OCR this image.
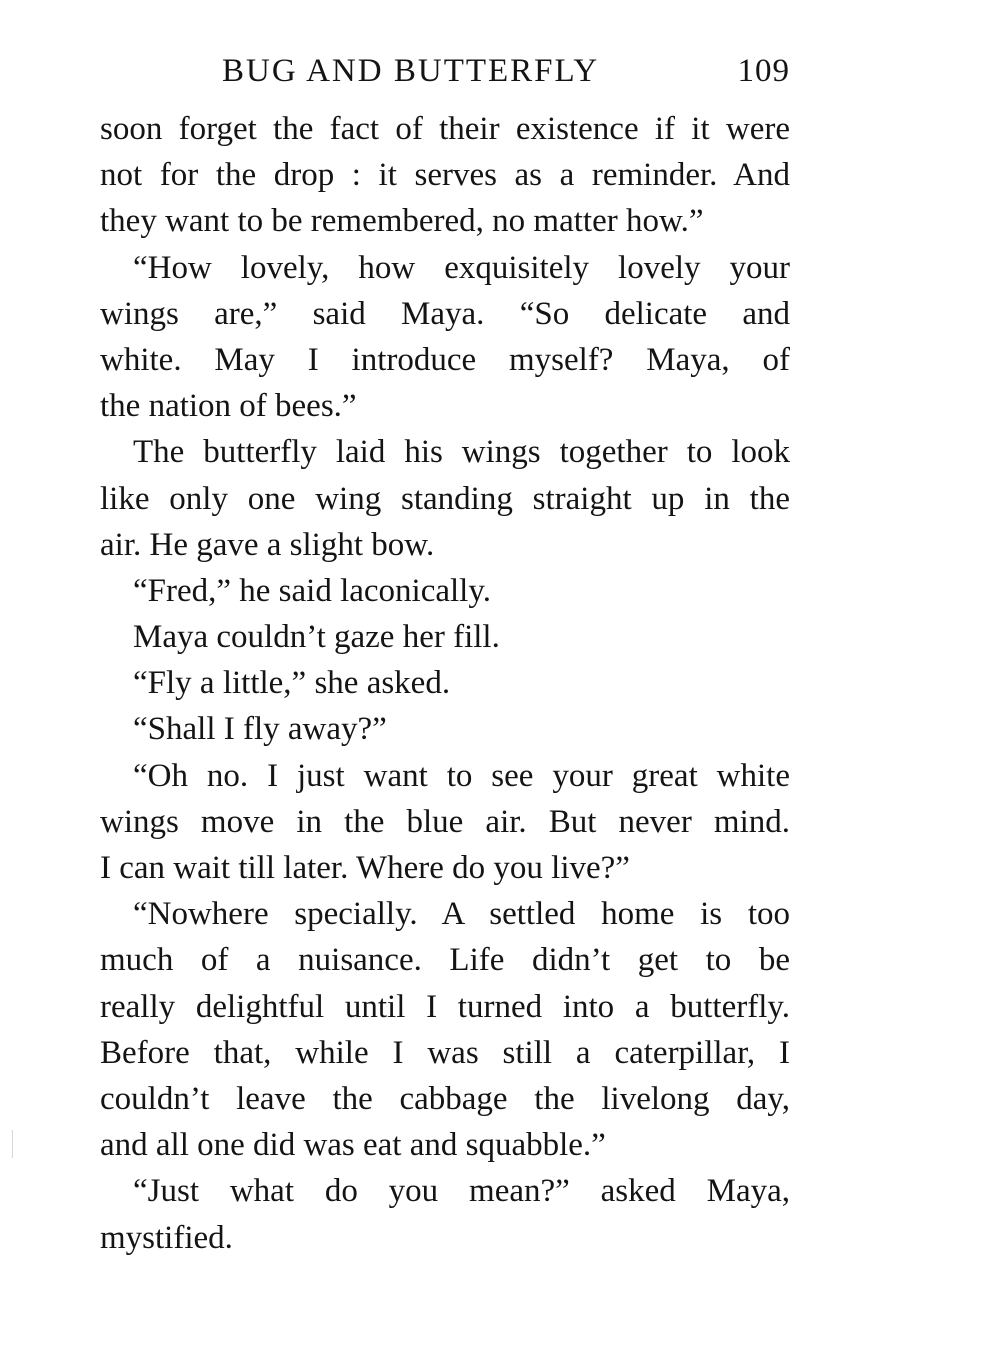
BUG AND BUTTERFLY	109
soon forget the fact of their existence if it were
not for the drop : it serves as a reminder. And
they want to be remembered, no matter how.”
“How lovely, how exquisitely lovely your
wings are,” said Maya. “So delicate and
white. May I introduce myself? Maya, of
the nation of bees.”
The butterfly laid his wings together to look
like only one wing standing straight up in the
air. He gave a slight bow.
“Fred,” he said laconically.
Maya couldn’t gaze her fill.
“Fly a little,” she asked.
“Shall I fly away?”
“Oh no. I just want to see your great white
wings move in the blue air. But never mind.
I can wait till later. Where do you live?”
“Nowhere specially. A settled home is too
much of a nuisance. Life didn’t get to be
really delightful until I turned into a butterfly.
Before that, while I was still a caterpillar, I
couldn’t leave the cabbage the livelong day,
and all one did was eat and squabble.”
“Just what do you mean?” asked Maya,
mystified.
